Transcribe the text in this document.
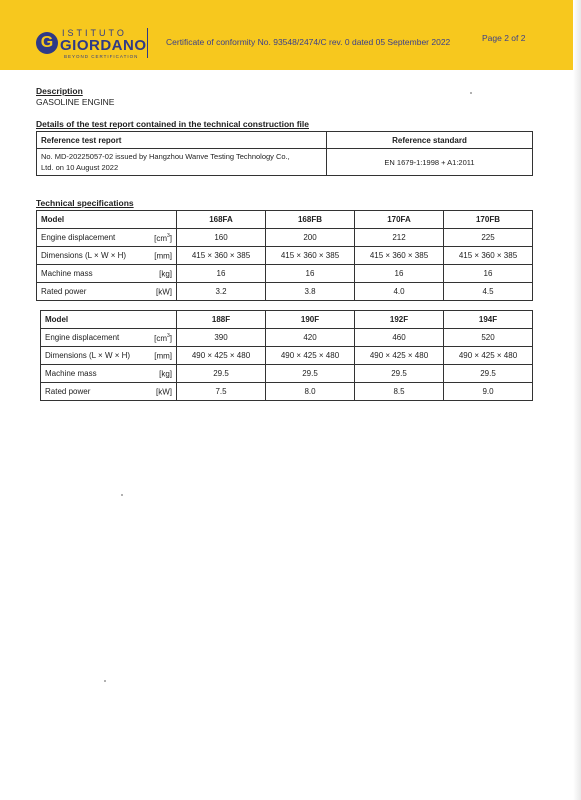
G
ISTITUTO
GIORDANO
BEYOND CERTIFICATION
Certificate of conformity No. 93548/2474/C rev. 0 dated 05 September 2022	Page 2 of 2
Description
GASOLINE ENGINE
Details of the test report contained in the technical construction file
Reference test report	Reference standard

No. MD-20225057-02 issued by Hangzhou Wanve Testing Technology Co.,
Ltd. on 10 August 2022	EN 1679-1:1998 + A1:2011
Technical specifications
Model	168FA	168FB	170FA	170FB
Engine displacement $[cm^3]$	160	200	212	225
Dimensions (L × W × H) [mm]	415 × 360 × 385	415 × 360 × 385	415 × 360 × 385	415 × 360 × 385
Machine mass [kg]	16	16	16	16
Rated power [kW]	3.2	3.8	4.0	4.5
Model	188F	190F	192F	194F
Engine displacement $[cm^3]$	390	420	460	520
Dimensions (L × W × H) [mm]	490 × 425 × 480	490 × 425 × 480	490 × 425 × 480	490 × 425 × 480
Machine mass [kg]	29.5	29.5	29.5	29.5
Rated power [kW]	7.5	8.0	8.5	9.0
